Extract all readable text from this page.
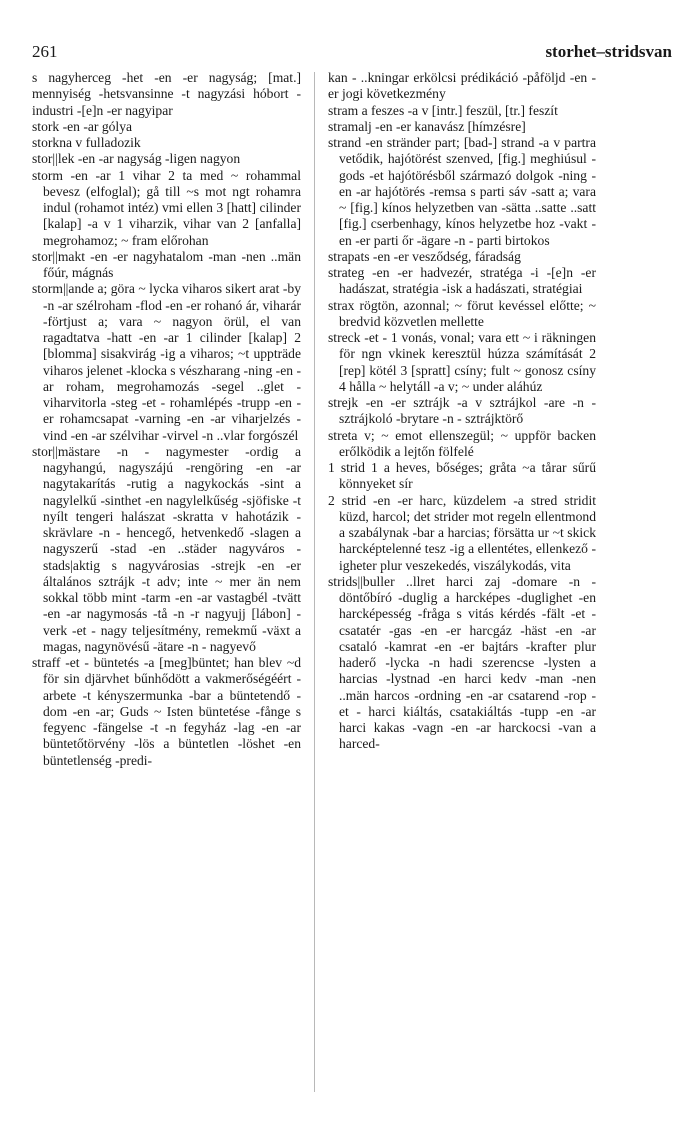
261	storhet–stridsvan

s nagyherceg -het -en -er nagyság; [mat.] mennyiség -hetsvansinne -t nagyzási hóbort -industri -[e]n -er nagyipar

stork -en -ar gólya

storkna v fulladozik

stor||lek -en -ar nagyság -ligen nagyon

storm -en -ar 1 vihar 2 ta med ~ rohammal bevesz (elfoglal); gå till ~s mot ngt rohamra indul (rohamot intéz) vmi ellen 3 [hatt] cilinder [kalap] -a v 1 viharzik, vihar van 2 [anfalla] megrohamoz; ~ fram előrohan

stor||makt -en -er nagyhatalom -man -nen ..män főúr, mágnás

storm||ande a; göra ~ lycka viharos sikert arat -by -n -ar szélroham -flod -en -er rohanó ár, viharár -förtjust a; vara ~ nagyon örül, el van ragadtatva -hatt -en -ar 1 cilinder [kalap] 2 [blomma] sisakvirág -ig a viharos; ~t uppträde viharos jelenet -klocka s vészharang -ning -en -ar roham, megrohamozás -segel ..glet - viharvitorla -steg -et - rohamlépés -trupp -en -er rohamcsapat -varning -en -ar viharjelzés -vind -en -ar szélvihar -virvel -n ..vlar forgószél

stor||mästare -n - nagymester -ordig a nagyhangú, nagyszájú -rengöring -en -ar nagytakarítás -rutig a nagykockás -sint a nagylelkű -sinthet -en nagylelkűség -sjöfiske -t nyílt tengeri halászat -skratta v hahotázik -skrävlare -n - hencegő, hetvenkedő -slagen a nagyszerű -stad -en ..städer nagyváros -stads|aktig s nagyvárosias -strejk -en -er általános sztrájk -t adv; inte ~ mer än nem sokkal több mint -tarm -en -ar vastagbél -tvätt -en -ar nagymosás -tå -n -r nagyujj [lábon] -verk -et - nagy teljesítmény, remekmű -växt a magas, nagynövésű -ätare -n - nagyevő

straff -et - büntetés -a [meg]büntet; han blev ~d för sin djärvhet bűnhődött a vakmerőségéért -arbete -t kényszermunka -bar a büntetendő -dom -en -ar; Guds ~ Isten büntetése -fånge s fegyenc -fängelse -t -n fegyház -lag -en -ar büntetőtörvény -lös a büntetlen -löshet -en büntetlenség -predi-

kan - ..kningar erkölcsi prédikáció -påföljd -en -er jogi következmény

stram a feszes -a v [intr.] feszül, [tr.] feszít

stramalj -en -er kanavász [hímzésre]

strand -en stränder part; [bad-] strand -a v partra vetődik, hajótörést szenved, [fig.] meghiúsul -gods -et hajótörésből származó dolgok -ning -en -ar hajótörés -remsa s parti sáv -satt a; vara ~ [fig.] kínos helyzetben van -sätta ..satte ..satt [fig.] cserbenhagy, kínos helyzetbe hoz -vakt -en -er parti őr -ägare -n - parti birtokos

strapats -en -er vesződség, fáradság

strateg -en -er hadvezér, stratéga -i -[e]n -er hadászat, stratégia -isk a hadászati, stratégiai

strax rögtön, azonnal; ~ förut kevéssel előtte; ~ bredvid közvetlen mellette

streck -et - 1 vonás, vonal; vara ett ~ i räkningen för ngn vkinek keresztül húzza számítását 2 [rep] kötél 3 [spratt] csíny; fult ~ gonosz csíny 4 hålla ~ helytáll -a v; ~ under aláhúz

strejk -en -er sztrájk -a v sztrájkol -are -n - sztrájkoló -brytare -n - sztrájktörő

streta v; ~ emot ellenszegül; ~ uppför backen erőlködik a lejtőn fölfelé

1 strid 1 a heves, bőséges; gråta ~a tårar sűrű könnyeket sír

2 strid -en -er harc, küzdelem -a stred stridit küzd, harcol; det strider mot regeln ellentmond a szabálynak -bar a harcias; försätta ur ~t skick harcképtelenné tesz -ig a ellentétes, ellenkező -igheter plur veszekedés, viszálykodás, vita

strids||buller ..llret harci zaj -domare -n - döntőbíró -duglig a harcképes -duglighet -en harcképesség -fråga s vitás kérdés -fält -et - csatatér -gas -en -er harcgáz -häst -en -ar csataló -kamrat -en -er bajtárs -krafter plur haderő -lycka -n hadi szerencse -lysten a harcias -lystnad -en harci kedv -man -nen ..män harcos -ordning -en -ar csatarend -rop -et - harci kiáltás, csatakiáltás -tupp -en -ar harci kakas -vagn -en -ar harckocsi -van a harced-
